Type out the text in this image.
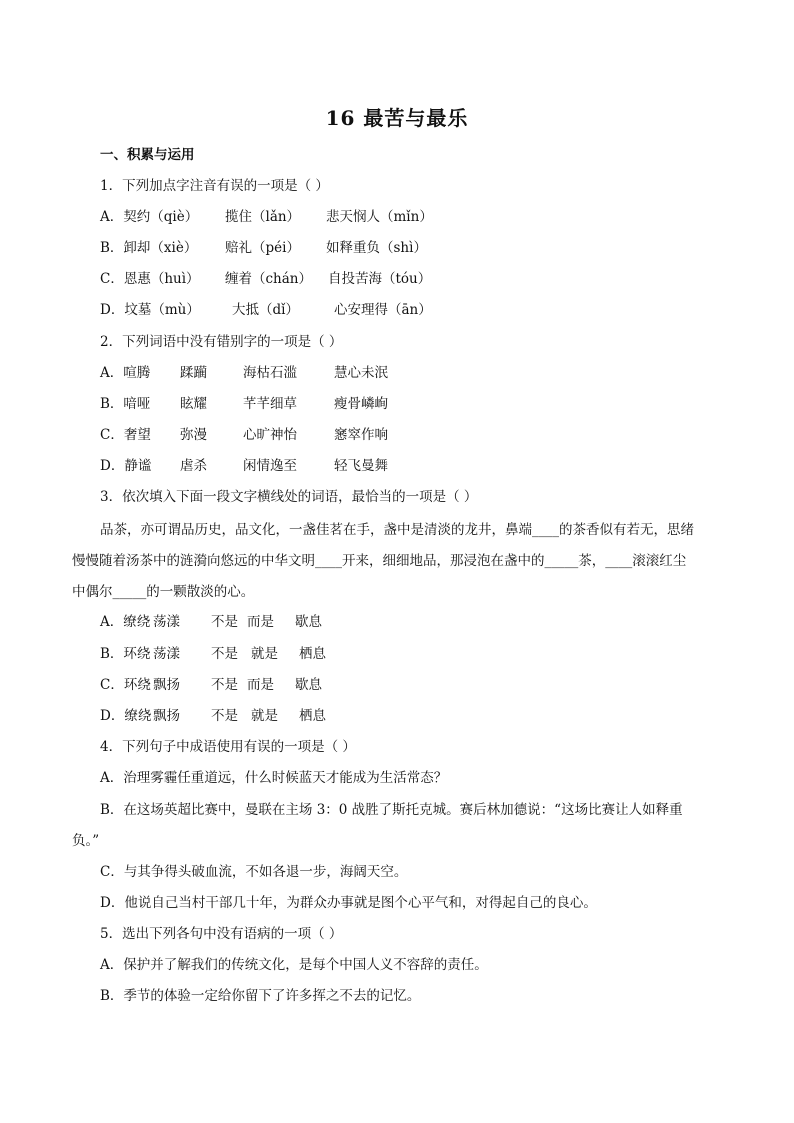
16 最苦与最乐
一、积累与运用
1．下列加点字注音有误的一项是（ ）
A．契约（qiè） 揽住（lǎn） 悲天悯人（mǐn）
B．卸却（xiè） 赔礼（péi） 如释重负（shì）
C．恩惠（huì） 缠着（chán） 自投苦海（tóu）
D．坟墓（mù） 大抵（dǐ）	心安理得（ān）
2．下列词语中没有错别字的一项是（ ）
A．喧腾 蹂躏	海枯石滥	慧心未泯
B．喑哑 眩耀	芊芊细草	瘦骨嶙峋
C．奢望 弥漫	心旷神怡	窸窣作响
D．静谧 虐杀	闲情逸至	轻飞曼舞
3．依次填入下面一段文字横线处的词语，最恰当的一项是（ ）
品茶，亦可谓品历史，品文化，一盏佳茗在手，盏中是清淡的龙井，鼻端____的茶香似有若无，思绪
慢慢随着汤茶中的涟漪向悠远的中华文明____开来，细细地品，那浸泡在盏中的_____茶，____滚滚红尘
中偶尔_____的一颗散淡的心。
A．缭绕 荡漾 不是 而是 歇息
B．环绕 荡漾 不是 就是 栖息
C．环绕 飘扬 不是 而是 歇息
D．缭绕 飘扬 不是 就是 栖息
4．下列句子中成语使用有误的一项是（ ）
A．治理雾霾任重道远，什么时候蓝天才能成为生活常态？
B．在这场英超比赛中，曼联在主场 3：0 战胜了斯托克城。赛后林加德说：“这场比赛让人如释重
负。”
C．与其争得头破血流，不如各退一步，海阔天空。
D．他说自己当村干部几十年，为群众办事就是图个心平气和，对得起自己的良心。
5．选出下列各句中没有语病的一项（ ）
A．保护并了解我们的传统文化，是每个中国人义不容辞的责任。
B．季节的体验一定给你留下了许多挥之不去的记忆。
